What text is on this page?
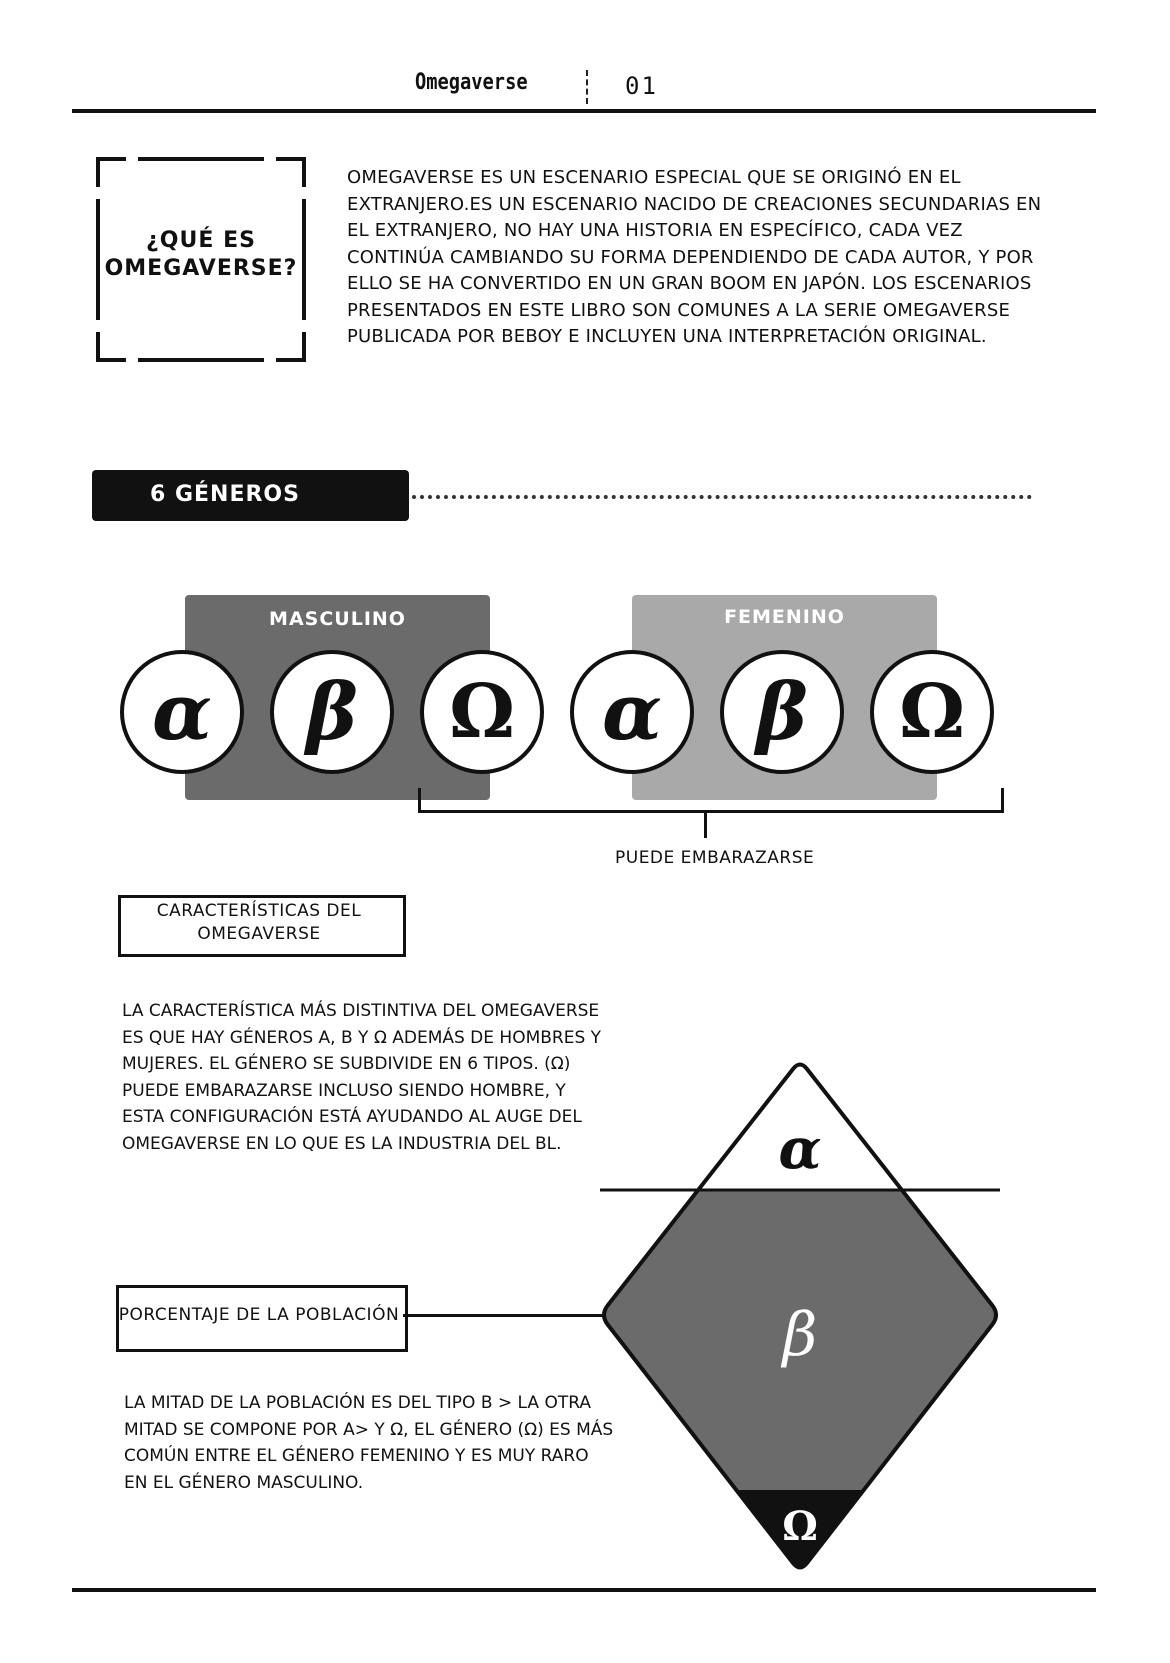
Omegaverse	01
¿QUÉ ES
OMEGAVERSE?
OMEGAVERSE ES UN ESCENARIO ESPECIAL QUE SE ORIGINÓ EN EL EXTRANJERO.ES UN ESCENARIO NACIDO DE CREACIONES SECUNDARIAS EN EL EXTRANJERO, NO HAY UNA HISTORIA EN ESPECÍFICO, CADA VEZ CONTINÚA CAMBIANDO SU FORMA DEPENDIENDO DE CADA AUTOR, Y POR ELLO SE HA CONVERTIDO EN UN GRAN BOOM EN JAPÓN. LOS ESCENARIOS PRESENTADOS EN ESTE LIBRO SON COMUNES A LA SERIE OMEGAVERSE PUBLICADA POR BEBOY E INCLUYEN UNA INTERPRETACIÓN ORIGINAL.
6 GÉNEROS
MASCULINO	FEMENINO
α	β	Ω	α	β	Ω
PUEDE EMBARAZARSE
CARACTERÍSTICAS DEL
OMEGAVERSE
LA CARACTERÍSTICA MÁS DISTINTIVA DEL OMEGAVERSE ES QUE HAY GÉNEROS A, B Y Ω ADEMÁS DE HOMBRES Y MUJERES. EL GÉNERO SE SUBDIVIDE EN 6 TIPOS. (Ω) PUEDE EMBARAZARSE INCLUSO SIENDO HOMBRE, Y ESTA CONFIGURACIÓN ESTÁ AYUDANDO AL AUGE DEL OMEGAVERSE EN LO QUE ES LA INDUSTRIA DEL BL.
PORCENTAJE DE LA POBLACIÓN
LA MITAD DE LA POBLACIÓN ES DEL TIPO B > LA OTRA MITAD SE COMPONE POR A> Y Ω, EL GÉNERO (Ω) ES MÁS COMÚN ENTRE EL GÉNERO FEMENINO Y ES MUY RARO EN EL GÉNERO MASCULINO.
α
β
Ω
